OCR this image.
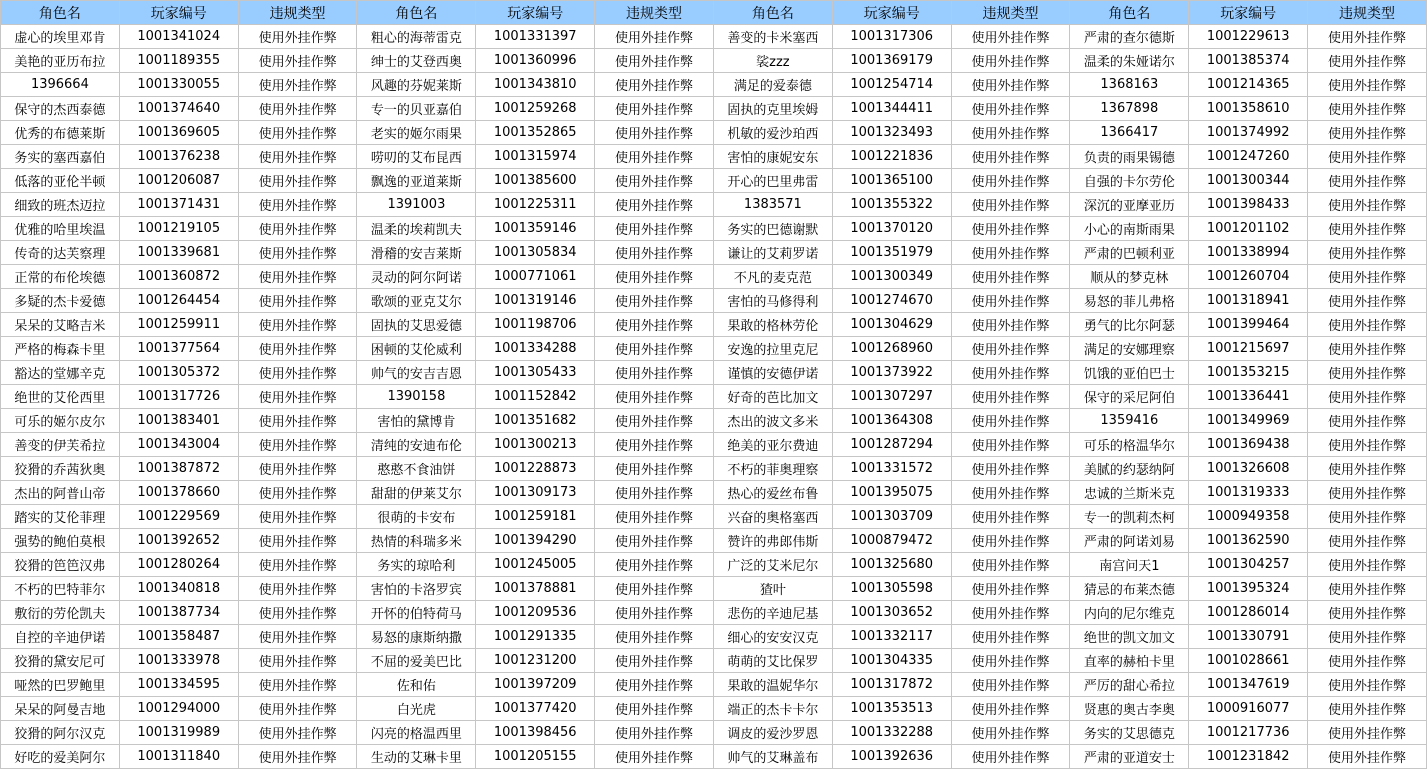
角色名	玩家编号	违规类型	角色名	玩家编号	违规类型	角色名	玩家编号	违规类型	角色名	玩家编号	违规类型
虚心的埃里邓肯	1001341024	使用外挂作弊	粗心的海蒂雷克	1001331397	使用外挂作弊	善变的卡米塞西	1001317306	使用外挂作弊	严肃的查尔德斯	1001229613	使用外挂作弊
美艳的亚历布拉	1001189355	使用外挂作弊	绅士的艾登西奥	1001360996	使用外挂作弊	裟zzz	1001369179	使用外挂作弊	温柔的朱娅诺尔	1001385374	使用外挂作弊
1396664	1001330055	使用外挂作弊	风趣的芬妮莱斯	1001343810	使用外挂作弊	满足的爱泰德	1001254714	使用外挂作弊	1368163	1001214365	使用外挂作弊
保守的杰西泰德	1001374640	使用外挂作弊	专一的贝亚嘉伯	1001259268	使用外挂作弊	固执的克里埃姆	1001344411	使用外挂作弊	1367898	1001358610	使用外挂作弊
优秀的布德莱斯	1001369605	使用外挂作弊	老实的姬尔雨果	1001352865	使用外挂作弊	机敏的爱沙珀西	1001323493	使用外挂作弊	1366417	1001374992	使用外挂作弊
务实的塞西嘉伯	1001376238	使用外挂作弊	唠叨的艾布昆西	1001315974	使用外挂作弊	害怕的康妮安东	1001221836	使用外挂作弊	负责的雨果锡德	1001247260	使用外挂作弊
低落的亚伦半顿	1001206087	使用外挂作弊	飘逸的亚道莱斯	1001385600	使用外挂作弊	开心的巴里弗雷	1001365100	使用外挂作弊	自强的卡尔劳伦	1001300344	使用外挂作弊
细致的班杰迈拉	1001371431	使用外挂作弊	1391003	1001225311	使用外挂作弊	1383571	1001355322	使用外挂作弊	深沉的亚摩亚历	1001398433	使用外挂作弊
优雅的哈里埃温	1001219105	使用外挂作弊	温柔的埃莉凯夫	1001359146	使用外挂作弊	务实的巴德谢默	1001370120	使用外挂作弊	小心的南斯雨果	1001201102	使用外挂作弊
传奇的达芙察理	1001339681	使用外挂作弊	滑稽的安吉莱斯	1001305834	使用外挂作弊	谦让的艾莉罗诺	1001351979	使用外挂作弊	严肃的巴顿利亚	1001338994	使用外挂作弊
正常的布伦埃德	1001360872	使用外挂作弊	灵动的阿尔阿诺	1000771061	使用外挂作弊	不凡的麦克范	1001300349	使用外挂作弊	顺从的梦克林	1001260704	使用外挂作弊
多疑的杰卡爱德	1001264454	使用外挂作弊	歌颂的亚克艾尔	1001319146	使用外挂作弊	害怕的马修得利	1001274670	使用外挂作弊	易怒的菲儿弗格	1001318941	使用外挂作弊
呆呆的艾略吉米	1001259911	使用外挂作弊	固执的艾思爱德	1001198706	使用外挂作弊	果敢的格林劳伦	1001304629	使用外挂作弊	勇气的比尔阿瑟	1001399464	使用外挂作弊
严格的梅森卡里	1001377564	使用外挂作弊	困顿的艾伦威利	1001334288	使用外挂作弊	安逸的拉里克尼	1001268960	使用外挂作弊	满足的安娜理察	1001215697	使用外挂作弊
豁达的堂娜辛克	1001305372	使用外挂作弊	帅气的安吉吉恩	1001305433	使用外挂作弊	谨慎的安德伊诺	1001373922	使用外挂作弊	饥饿的亚伯巴士	1001353215	使用外挂作弊
绝世的艾伦西里	1001317726	使用外挂作弊	1390158	1001152842	使用外挂作弊	好奇的芭比加文	1001307297	使用外挂作弊	保守的采尼阿伯	1001336441	使用外挂作弊
可乐的姬尔皮尔	1001383401	使用外挂作弊	害怕的黛博肯	1001351682	使用外挂作弊	杰出的波文多米	1001364308	使用外挂作弊	1359416	1001349969	使用外挂作弊
善变的伊芙希拉	1001343004	使用外挂作弊	清纯的安迪布伦	1001300213	使用外挂作弊	绝美的亚尔费迪	1001287294	使用外挂作弊	可乐的格温华尔	1001369438	使用外挂作弊
狡猾的乔茜狄奥	1001387872	使用外挂作弊	憨憨不食油饼	1001228873	使用外挂作弊	不朽的菲奥理察	1001331572	使用外挂作弊	美腻的约瑟纳阿	1001326608	使用外挂作弊
杰出的阿普山帝	1001378660	使用外挂作弊	甜甜的伊莱艾尔	1001309173	使用外挂作弊	热心的爱丝布鲁	1001395075	使用外挂作弊	忠诚的兰斯米克	1001319333	使用外挂作弊
踏实的艾伦菲理	1001229569	使用外挂作弊	很萌的卡安布	1001259181	使用外挂作弊	兴奋的奥格塞西	1001303709	使用外挂作弊	专一的凯莉杰柯	1000949358	使用外挂作弊
强势的鲍伯莫根	1001392652	使用外挂作弊	热情的科瑞多米	1001394290	使用外挂作弊	赞许的弗郎伟斯	1000879472	使用外挂作弊	严肃的阿诺刘易	1001362590	使用外挂作弊
狡猾的笆笆汉弗	1001280264	使用外挂作弊	务实的琼哈利	1001245005	使用外挂作弊	广泛的艾米尼尔	1001325680	使用外挂作弊	南宫问天1	1001304257	使用外挂作弊
不朽的巴特菲尔	1001340818	使用外挂作弊	害怕的卡洛罗宾	1001378881	使用外挂作弊	猹叶	1001305598	使用外挂作弊	猜忌的布莱杰德	1001395324	使用外挂作弊
敷衍的劳伦凯夫	1001387734	使用外挂作弊	开怀的伯特荷马	1001209536	使用外挂作弊	悲伤的辛迪尼基	1001303652	使用外挂作弊	内向的尼尔维克	1001286014	使用外挂作弊
自控的辛迪伊诺	1001358487	使用外挂作弊	易怒的康斯纳撒	1001291335	使用外挂作弊	细心的安安汉克	1001332117	使用外挂作弊	绝世的凯文加文	1001330791	使用外挂作弊
狡猾的黛安尼可	1001333978	使用外挂作弊	不屈的爱美巴比	1001231200	使用外挂作弊	萌萌的艾比保罗	1001304335	使用外挂作弊	直率的赫柏卡里	1001028661	使用外挂作弊
哑然的巴罗鲍里	1001334595	使用外挂作弊	佐和佑	1001397209	使用外挂作弊	果敢的温妮华尔	1001317872	使用外挂作弊	严厉的甜心希拉	1001347619	使用外挂作弊
呆呆的阿曼吉地	1001294000	使用外挂作弊	白光虎	1001377420	使用外挂作弊	端正的杰卡卡尔	1001353513	使用外挂作弊	贤惠的奥古李奥	1000916077	使用外挂作弊
狡猾的阿尔汉克	1001319989	使用外挂作弊	闪亮的格温西里	1001398456	使用外挂作弊	调皮的爱沙罗恩	1001332288	使用外挂作弊	务实的艾思德克	1001217736	使用外挂作弊
好吃的爱美阿尔	1001311840	使用外挂作弊	生动的艾琳卡里	1001205155	使用外挂作弊	帅气的艾琳盖布	1001392636	使用外挂作弊	严肃的亚道安士	1001231842	使用外挂作弊
